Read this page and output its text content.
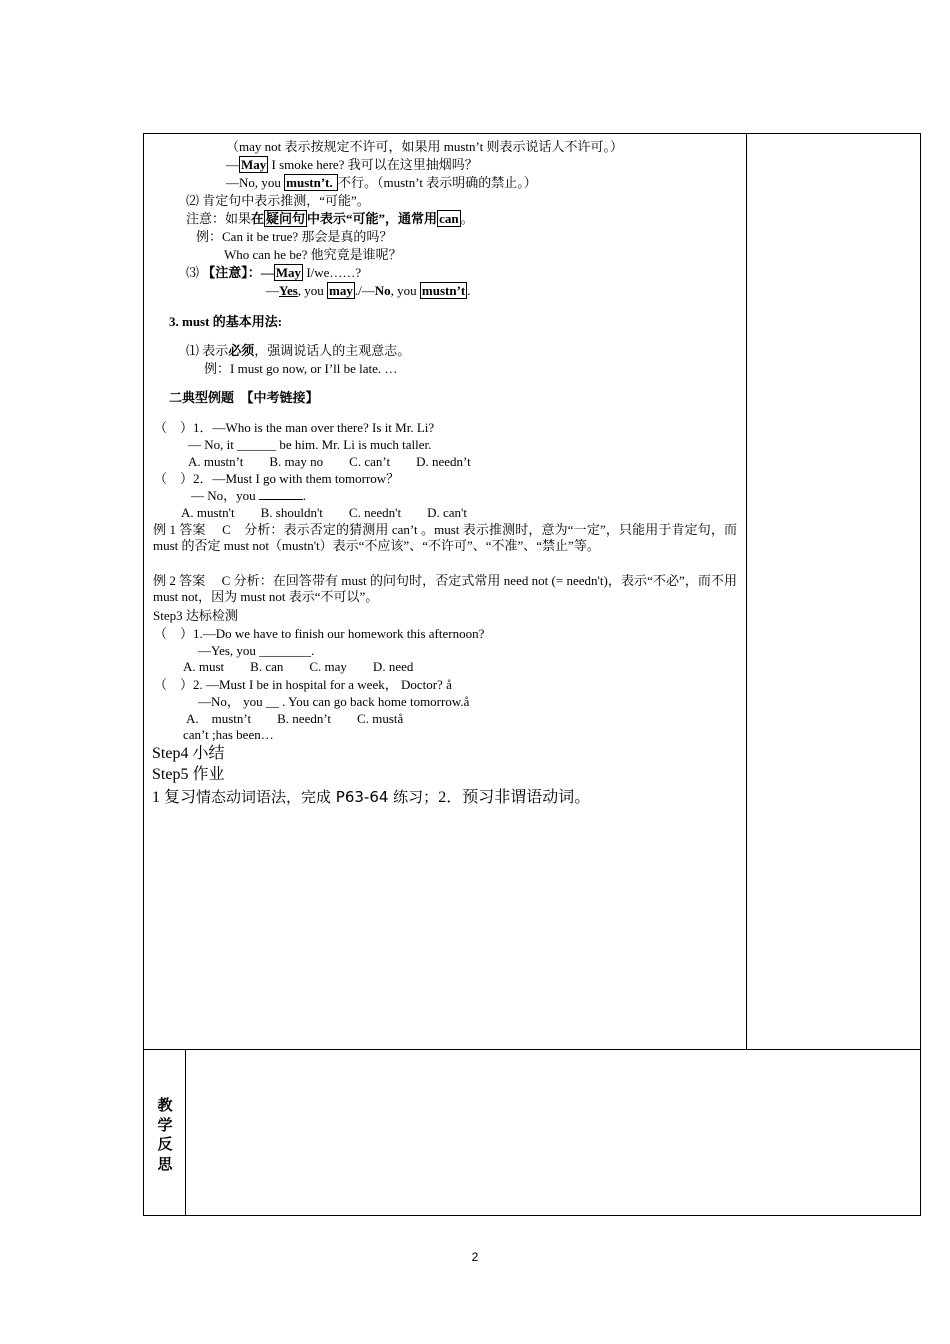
（may not 表示按规定不许可，如果用 mustn’t 则表示说话人不许可。）
— May I smoke here? 我可以在这里抽烟吗？
—No, you mustn’t. 不行。（mustn’t 表示明确的禁止。）
⑵ 肯定句中表示推测，“可能”。
注意：如果在 疑问句 中表示“可能”，通常用 can 。
例：Can it be true? 那会是真的吗？
Who can he be? 他究竟是谁呢？
⑶ 【注意】：— May I/we……?
—Yes, you may ./—No, you mustn’t .
3. must 的基本用法:
⑴ 表示必须，强调说话人的主观意志。
例：I must go now, or I’ll be late. …
二典型例题　【中考链接】
（　）1．—Who is the man over there? Is it Mr. Li?
— No, it ______ be him. Mr. Li is much taller.
A. mustn’t　　B. may no　　C. can’t　　D. needn’t
（　）2．—Must I go with them tomorrow？
— No，you	.
A. mustn't　　B. shouldn't　　C. needn't　　D. can't
例 1 答案　 C　分析：表示否定的猜测用 can’t 。must 表示推测时，意为“一定”，只能用于肯定句，而 must 的否定 must not（mustn't）表示“不应该”、“不许可”、“不准”、“禁止”等。
例 2 答案　 C 分析：在回答带有 must 的问句时，否定式常用 need not (= needn't)，表示“不必”，而不用 must not，因为 must not 表示“不可以”。
Step3 达标检测
（　）1.—Do we have to finish our homework this afternoon?
—Yes, you ________.
A. must　　B. can　　C. may　　D. need
（　）2. —Must I be in hospital for a week， Doctor? å
—No， you __ . You can go back home tomorrow.å
A.　mustn’t　　B. needn’t　　C. mustå
can’t ;has been…
Step4 小结
Step5 作业
1 复习情态动词语法，完成 P63-64 练习；2．预习非谓语动词。
教
学
反
思
2
